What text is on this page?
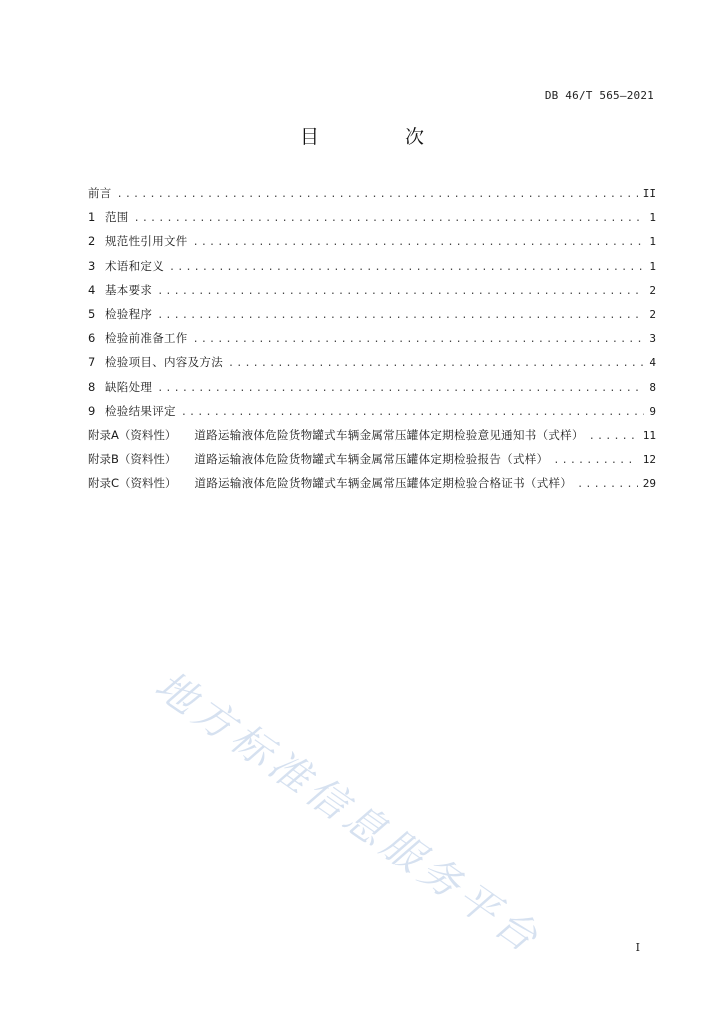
DB 46/T 565—2021
目 次
前言 .....	II
1 范围 .....	1
2 规范性引用文件 .....	1
3 术语和定义 .....	1
4 基本要求 .....	2
5 检验程序 .....	2
6 检验前准备工作 .....	3
7 检验项目、内容及方法 .....	4
8 缺陷处理 .....	8
9 检验结果评定 .....	9
附录A（资料性） 道路运输液体危险货物罐式车辆金属常压罐体定期检验意见通知书（式样） .....	11
附录B（资料性） 道路运输液体危险货物罐式车辆金属常压罐体定期检验报告（式样） .....	12
附录C（资料性） 道路运输液体危险货物罐式车辆金属常压罐体定期检验合格证书（式样） .....	29
地方标准信息服务平台	I
